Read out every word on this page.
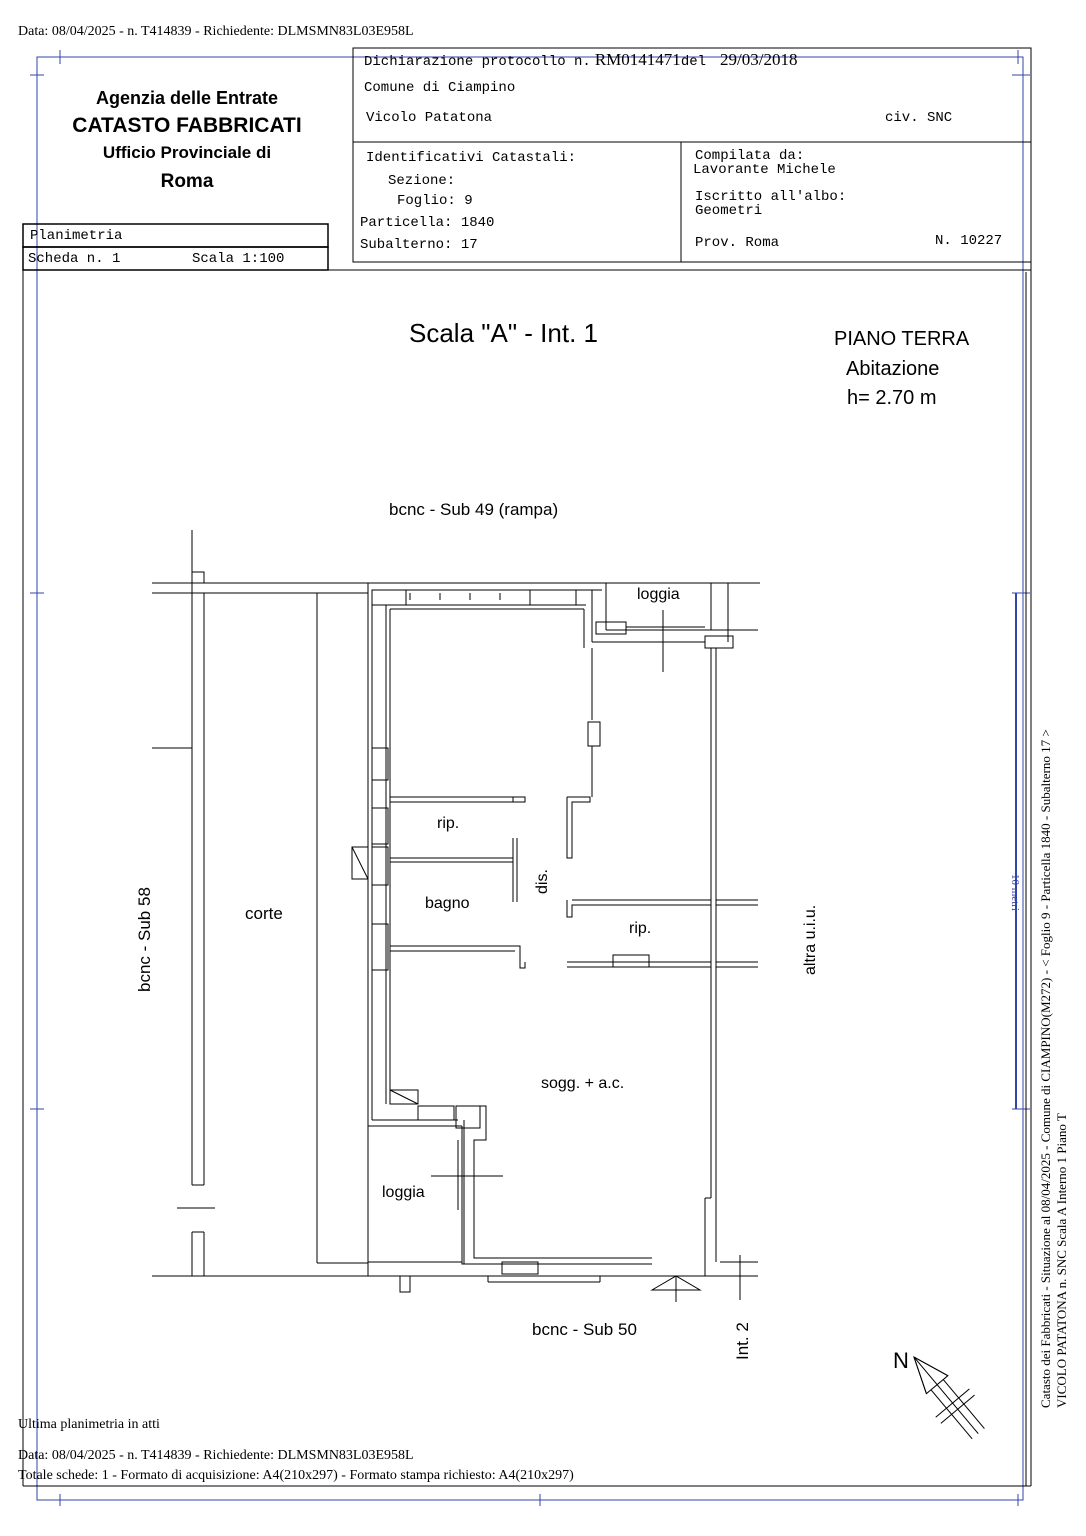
Data: 08/04/2025 - n. T414839 - Richiedente: DLMSMN83L03E958L
Agenzia delle Entrate
CATASTO FABBRICATI
Ufficio Provinciale di
Roma
Planimetria
Scheda n. 1	Scala 1:100
Dichiarazione protocollo n. RM0141471del 29/03/2018
Comune di Ciampino
Vicolo Patatona	civ. SNC
Identificativi Catastali:
Sezione:
Foglio: 9
Particella: 1840
Subalterno: 17
Compilata da:
Lavorante Michele
Iscritto all'albo:
Geometri
Prov. Roma	N. 10227
Scala "A" - Int. 1	PIANO TERRA
Abitazione
h= 2.70 m
bcnc - Sub 49 (rampa)
loggia
rip.
bagno
dis.
rip.
corte
bcnc - Sub 58	altra u.i.u.
sogg. + a.c.
loggia
bcnc - Sub 50	Int. 2
N
10 metri Catasto dei Fabbricati - Situazione al 08/04/2025 - Comune di CIAMPINO(M272) - < Foglio 9 - Particella 1840 - Subalterno 17 > VICOLO PATATONA n. SNC Scala A Interno 1 Piano T
Ultima planimetria in atti
Data: 08/04/2025 - n. T414839 - Richiedente: DLMSMN83L03E958L
Totale schede: 1 - Formato di acquisizione: A4(210x297) - Formato stampa richiesto: A4(210x297)
